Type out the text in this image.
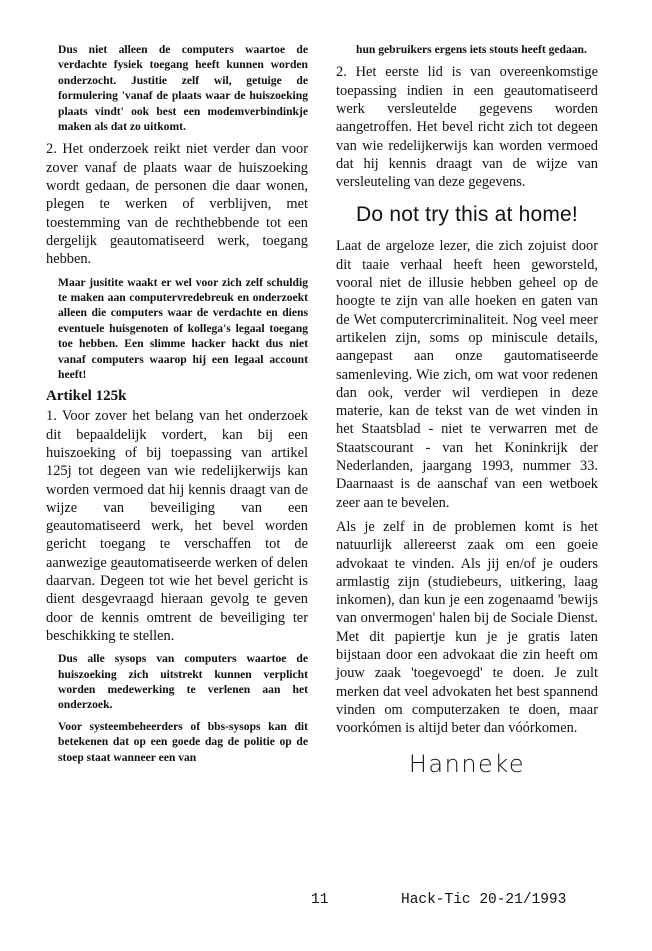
Dus niet alleen de computers waartoe de verdachte fysiek toegang heeft kunnen worden onderzocht. Justitie zelf wil, getuige de formulering 'vanaf de plaats waar de huiszoeking plaats vindt' ook best een modemverbindinkje maken als dat zo uitkomt.

2. Het onderzoek reikt niet verder dan voor zover vanaf de plaats waar de huiszoeking wordt gedaan, de personen die daar wonen, plegen te werken of verblijven, met toestemming van de rechthebbende tot een dergelijk geautomatiseerd werk, toegang hebben.

Maar jusitite waakt er wel voor zich zelf schuldig te maken aan computervredebreuk en onderzoekt alleen die computers waar de verdachte en diens eventuele huisgenoten of kollega's legaal toegang toe hebben. Een slimme hacker hackt dus niet vanaf computers waarop hij een legaal account heeft!

Artikel 125k

1. Voor zover het belang van het onderzoek dit bepaaldelijk vordert, kan bij een huiszoeking of bij toepassing van artikel 125j tot degeen van wie redelijkerwijs kan worden vermoed dat hij kennis draagt van de wijze van beveiliging van een geautomatiseerd werk, het bevel worden gericht toegang te verschaffen tot de aanwezige geautomatiseerde werken of delen daarvan. Degeen tot wie het bevel gericht is dient desgevraagd hieraan gevolg te geven door de kennis omtrent de beveiliging ter beschikking te stellen.

Dus alle sysops van computers waartoe de huiszoeking zich uitstrekt kunnen verplicht worden medewerking te verlenen aan het onderzoek.

Voor systeembeheerders of bbs-sysops kan dit betekenen dat op een goede dag de politie op de stoep staat wanneer een van

hun gebruikers ergens iets stouts heeft gedaan.

2. Het eerste lid is van overeenkomstige toepassing indien in een geautomatiseerd werk versleutelde gegevens worden aangetroffen. Het bevel richt zich tot degeen van wie redelijkerwijs kan worden vermoed dat hij kennis draagt van de wijze van versleuteling van deze gegevens.

Do not try this at home!

Laat de argeloze lezer, die zich zojuist door dit taaie verhaal heeft heen geworsteld, vooral niet de illusie hebben geheel op de hoogte te zijn van alle hoeken en gaten van de Wet computercriminaliteit. Nog veel meer artikelen zijn, soms op miniscule details, aangepast aan onze gautomatiseerde samenleving. Wie zich, om wat voor redenen dan ook, verder wil verdiepen in deze materie, kan de tekst van de wet vinden in het Staatsblad - niet te verwarren met de Staatscourant - van het Koninkrijk der Nederlanden, jaargang 1993, nummer 33. Daarnaast is de aanschaf van een wetboek zeer aan te bevelen.

Als je zelf in de problemen komt is het natuurlijk allereerst zaak om een goeie advokaat te vinden. Als jij en/of je ouders armlastig zijn (studiebeurs, uitkering, laag inkomen), dan kun je een zogenaamd 'bewijs van onvermogen' halen bij de Sociale Dienst. Met dit papiertje kun je je gratis laten bijstaan door een advokaat die zin heeft om jouw zaak 'toegevoegd' te doen. Je zult merken dat veel advokaten het best spannend vinden om computerzaken te doen, maar voorkómen is altijd beter dan vóórkomen.

Hanneke
11	Hack-Tic 20-21/1993
